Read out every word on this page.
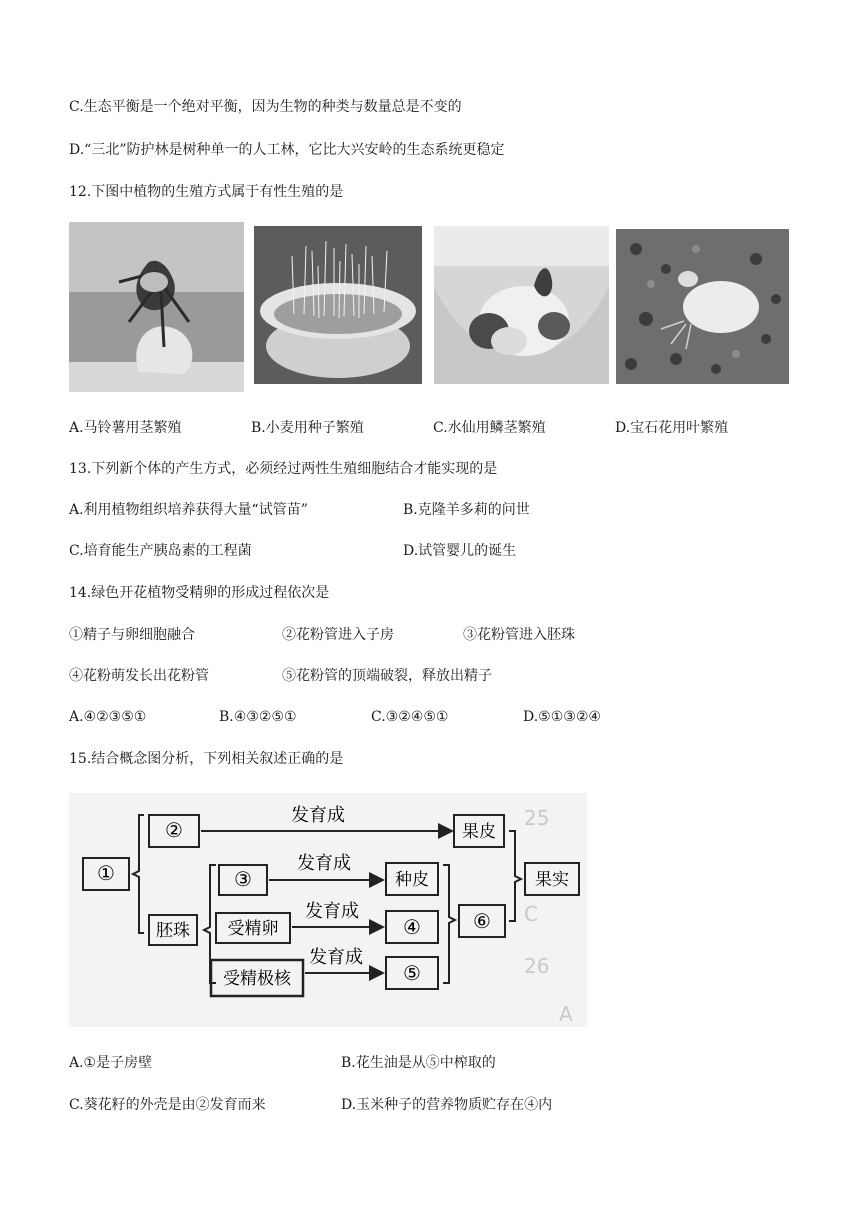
C.生态平衡是一个绝对平衡，因为生物的种类与数量总是不变的
D.“三北”防护林是树种单一的人工林，它比大兴安岭的生态系统更稳定
12.下图中植物的生殖方式属于有性生殖的是
A.马铃薯用茎繁殖	B.小麦用种子繁殖	C.水仙用鳞茎繁殖	D.宝石花用叶繁殖
13.下列新个体的产生方式，必须经过两性生殖细胞结合才能实现的是
A.利用植物组织培养获得大量“试管苗”	B.克隆羊多莉的问世
C.培育能生产胰岛素的工程菌	D.试管婴儿的诞生
14.绿色开花植物受精卵的形成过程依次是
①精子与卵细胞融合	②花粉管进入子房	③花粉管进入胚珠
④花粉萌发长出花粉管	⑤花粉管的顶端破裂，释放出精子
A.④②③⑤①	B.④③②⑤①	C.③②④⑤①	D.⑤①③②④
15.结合概念图分析，下列相关叙述正确的是
25
C
26
A
①
②
胚珠
③
受精卵
受精极核
发育成
发育成
发育成
发育成
果皮
种皮
④
⑤
⑥
果实
A.①是子房壁	B.花生油是从⑤中榨取的
C.葵花籽的外壳是由②发育而来	D.玉米种子的营养物质贮存在④内
